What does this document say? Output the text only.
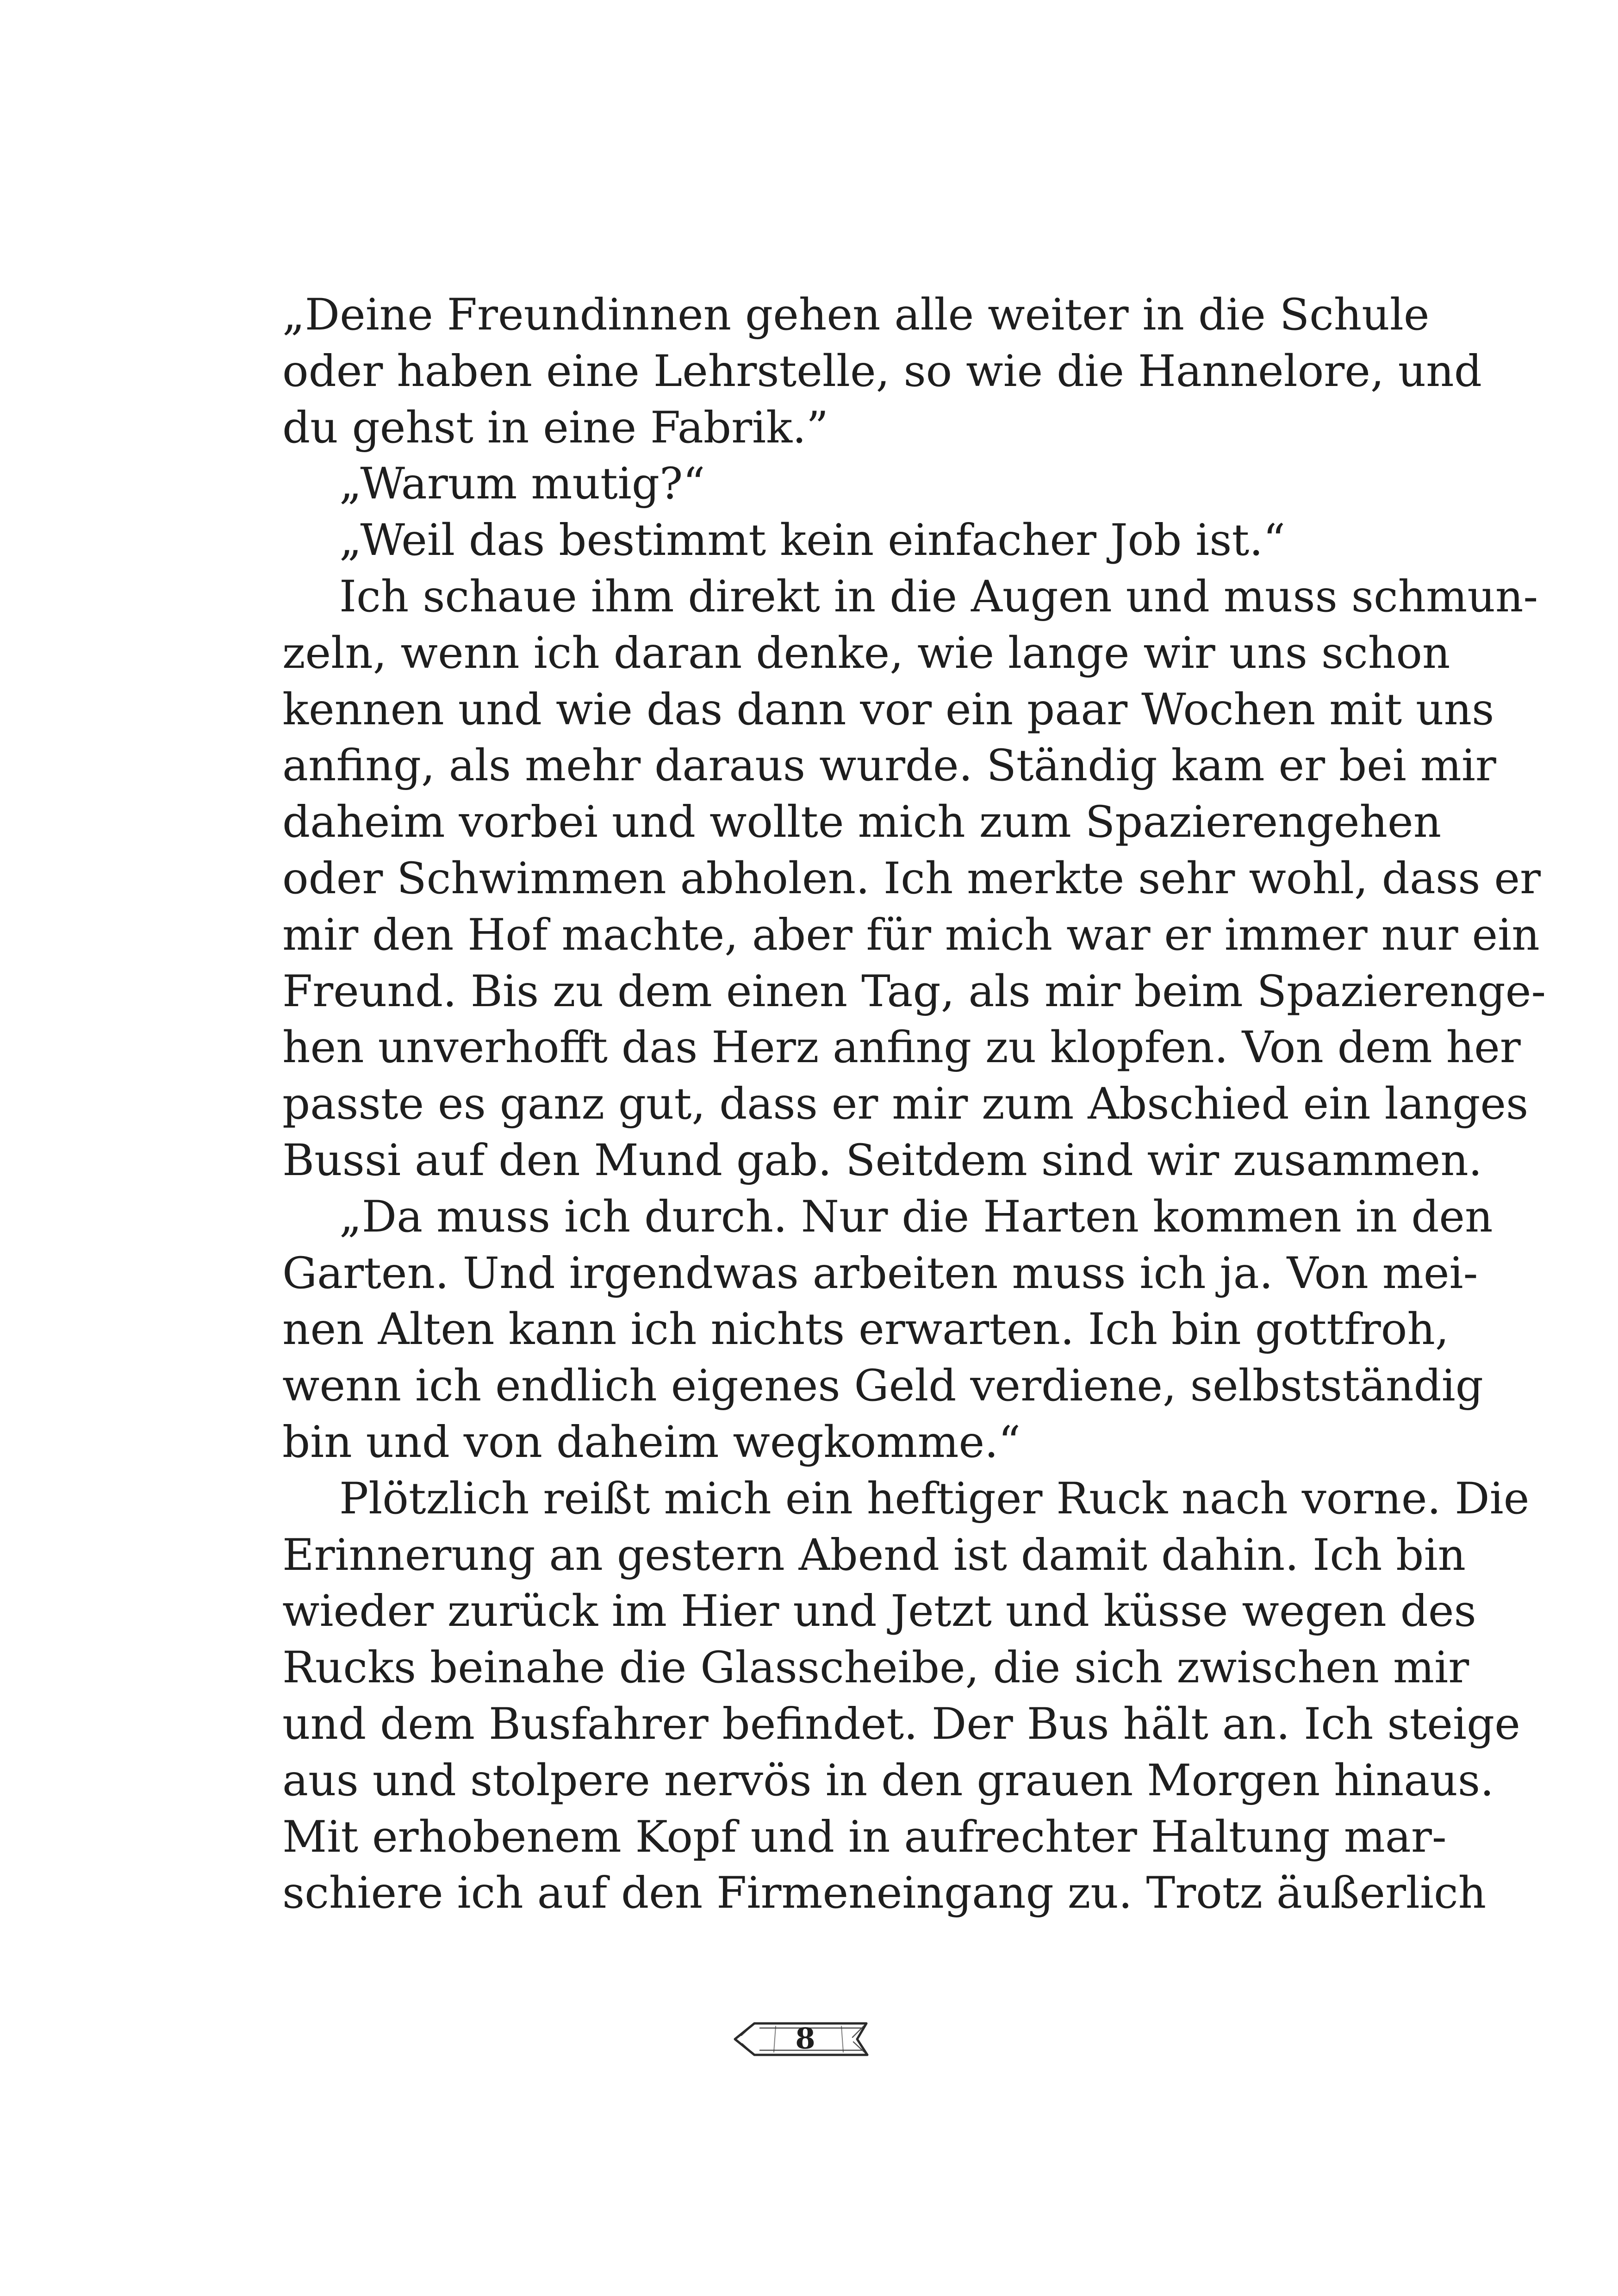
„Deine Freundinnen gehen alle weiter in die Schule
oder haben eine Lehrstelle, so wie die Hannelore, und
du gehst in eine Fabrik.”
„Warum mutig?“
„Weil das bestimmt kein einfacher Job ist.“
Ich schaue ihm direkt in die Augen und muss schmun-
zeln, wenn ich daran denke, wie lange wir uns schon
kennen und wie das dann vor ein paar Wochen mit uns
anfing, als mehr daraus wurde. Ständig kam er bei mir
daheim vorbei und wollte mich zum Spazierengehen
oder Schwimmen abholen. Ich merkte sehr wohl, dass er
mir den Hof machte, aber für mich war er immer nur ein
Freund. Bis zu dem einen Tag, als mir beim Spazierenge-
hen unverhofft das Herz anfing zu klopfen. Von dem her
passte es ganz gut, dass er mir zum Abschied ein langes
Bussi auf den Mund gab. Seitdem sind wir zusammen.
„Da muss ich durch. Nur die Harten kommen in den
Garten. Und irgendwas arbeiten muss ich ja. Von mei-
nen Alten kann ich nichts erwarten. Ich bin gottfroh,
wenn ich endlich eigenes Geld verdiene, selbstständig
bin und von daheim wegkomme.“
Plötzlich reißt mich ein heftiger Ruck nach vorne. Die
Erinnerung an gestern Abend ist damit dahin. Ich bin
wieder zurück im Hier und Jetzt und küsse wegen des
Rucks beinahe die Glasscheibe, die sich zwischen mir
und dem Busfahrer befindet. Der Bus hält an. Ich steige
aus und stolpere nervös in den grauen Morgen hinaus.
Mit erhobenem Kopf und in aufrechter Haltung mar-
schiere ich auf den Firmeneingang zu. Trotz äußerlich
8
